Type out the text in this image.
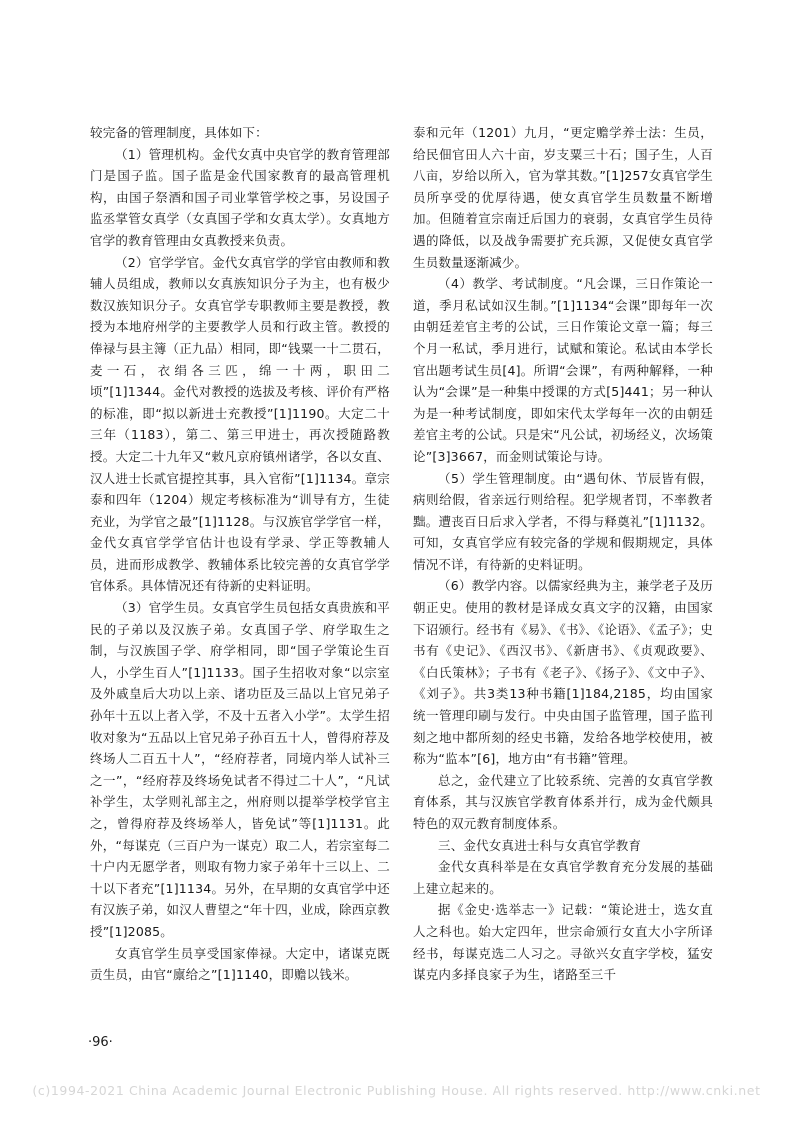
较完备的管理制度，具体如下：

（1）管理机构。金代女真中央官学的教育管理部门是国子监。国子监是金代国家教育的最高管理机构，由国子祭酒和国子司业掌管学校之事，另设国子监丞掌管女真学（女真国子学和女真太学）。女真地方官学的教育管理由女真教授来负责。

（2）官学学官。金代女真官学的学官由教师和教辅人员组成，教师以女真族知识分子为主，也有极少数汉族知识分子。女真官学专职教师主要是教授，教授为本地府州学的主要教学人员和行政主管。教授的俸禄与县主簿（正九品）相同，即“钱粟一十二贯石，麦一石，衣绢各三匹，绵一十两，职田二顷”[1]1344。金代对教授的选拔及考核、评价有严格的标准，即“拟以新进士充教授”[1]1190。大定二十三年（1183），第二、第三甲进士，再次授随路教授。大定二十九年又“敕凡京府镇州诸学，各以女直、汉人进士长贰官提控其事，具入官衔”[1]1134。章宗泰和四年（1204）规定考核标准为“训导有方，生徒充业，为学官之最”[1]1128。与汉族官学学官一样，金代女真官学学官估计也设有学录、学正等教辅人员，进而形成教学、教辅体系比较完善的女真官学学官体系。具体情况还有待新的史料证明。

（3）官学生员。女真官学生员包括女真贵族和平民的子弟以及汉族子弟。女真国子学、府学取生之制，与汉族国子学、府学相同，即“国子学策论生百人，小学生百人”[1]1133。国子生招收对象“以宗室及外戚皇后大功以上亲、诸功臣及三品以上官兄弟子孙年十五以上者入学，不及十五者入小学”。太学生招收对象为“五品以上官兄弟子孙百五十人，曾得府荐及终场人二百五十人”，“经府荐者，同境内举人试补三之一”，“经府荐及终场免试者不得过二十人”，“凡试补学生，太学则礼部主之，州府则以提举学校学官主之，曾得府荐及终场举人，皆免试”等[1]1131。此外，“每谋克（三百户为一谋克）取二人，若宗室每二十户内无愿学者，则取有物力家子弟年十三以上、二十以下者充”[1]1134。另外，在早期的女真官学中还有汉族子弟，如汉人曹望之“年十四，业成，除西京教授”[1]2085。

女真官学生员享受国家俸禄。大定中，诸谋克既贡生员，由官“廪给之”[1]1140，即赡以钱米。

泰和元年（1201）九月，“更定赡学养士法：生员，给民佃官田人六十亩，岁支粟三十石；国子生，人百八亩，岁给以所入，官为掌其数。”[1]257女真官学生员所享受的优厚待遇，使女真官学生员数量不断增加。但随着宣宗南迁后国力的衰弱，女真官学生员待遇的降低，以及战争需要扩充兵源，又促使女真官学生员数量逐渐减少。

（4）教学、考试制度。“凡会课，三日作策论一道，季月私试如汉生制。”[1]1134“会课”即每年一次由朝廷差官主考的公试，三日作策论文章一篇；每三个月一私试，季月进行，试赋和策论。私试由本学长官出题考试生员[4]。所谓“会课”，有两种解释，一种认为“会课”是一种集中授课的方式[5]441；另一种认为是一种考试制度，即如宋代太学每年一次的由朝廷差官主考的公试。只是宋“凡公试，初场经义，次场策论”[3]3667，而金则试策论与诗。

（5）学生管理制度。由“遇旬休、节辰皆有假，病则给假，省亲远行则给程。犯学规者罚，不率教者黜。遭丧百日后求入学者，不得与释奠礼”[1]1132。可知，女真官学应有较完备的学规和假期规定，具体情况不详，有待新的史料证明。

（6）教学内容。以儒家经典为主，兼学老子及历朝正史。使用的教材是译成女真文字的汉籍，由国家下诏颁行。经书有《易》、《书》、《论语》、《孟子》；史书有《史记》、《西汉书》、《新唐书》、《贞观政要》、《白氏策林》；子书有《老子》、《扬子》、《文中子》、《刘子》。共3类13种书籍[1]184,2185，均由国家统一管理印刷与发行。中央由国子监管理，国子监刊刻之地中都所刻的经史书籍，发给各地学校使用，被称为“监本”[6]，地方由“有书籍”管理。

总之，金代建立了比较系统、完善的女真官学教育体系，其与汉族官学教育体系并行，成为金代颇具特色的双元教育制度体系。

三、金代女真进士科与女真官学教育

金代女真科举是在女真官学教育充分发展的基础上建立起来的。

据《金史·选举志一》记载：“策论进士，选女直人之科也。始大定四年，世宗命颁行女直大小字所译经书，每谋克选二人习之。寻欲兴女直字学校，猛安谋克内多择良家子为生，诸路至三千

·96·
(c)1994-2021 China Academic Journal Electronic Publishing House. All rights reserved. http://www.cnki.net
